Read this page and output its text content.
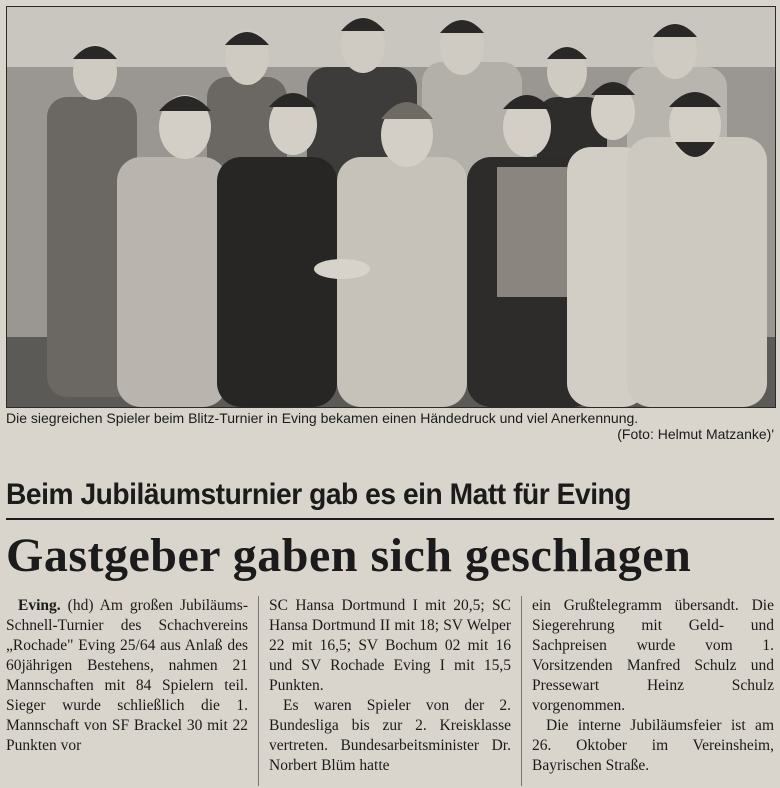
Die siegreichen Spieler beim Blitz-Turnier in Eving bekamen einen Händedruck und viel Anerkennung.
(Foto: Helmut Matzanke)'
Beim Jubiläumsturnier gab es ein Matt für Eving
Gastgeber gaben sich geschlagen

Eving. (hd) Am großen Jubiläums-Schnell-Turnier des Schachvereins „Rochade" Eving 25/64 aus Anlaß des 60jährigen Bestehens, nahmen 21 Mannschaften mit 84 Spielern teil. Sieger wurde schließlich die 1. Mannschaft von SF Brackel 30 mit 22 Punkten vor

SC Hansa Dortmund I mit 20,5; SC Hansa Dortmund II mit 18; SV Welper 22 mit 16,5; SV Bochum 02 mit 16 und SV Rochade Eving I mit 15,5 Punkten.

Es waren Spieler von der 2. Bundesliga bis zur 2. Kreisklasse vertreten. Bundesarbeitsminister Dr. Norbert Blüm hatte

ein Grußtelegramm übersandt. Die Siegerehrung mit Geld- und Sachpreisen wurde vom 1. Vorsitzenden Manfred Schulz und Pressewart Heinz Schulz vorgenommen.

Die interne Jubiläumsfeier ist am 26. Oktober im Vereinsheim, Bayrischen Straße.
